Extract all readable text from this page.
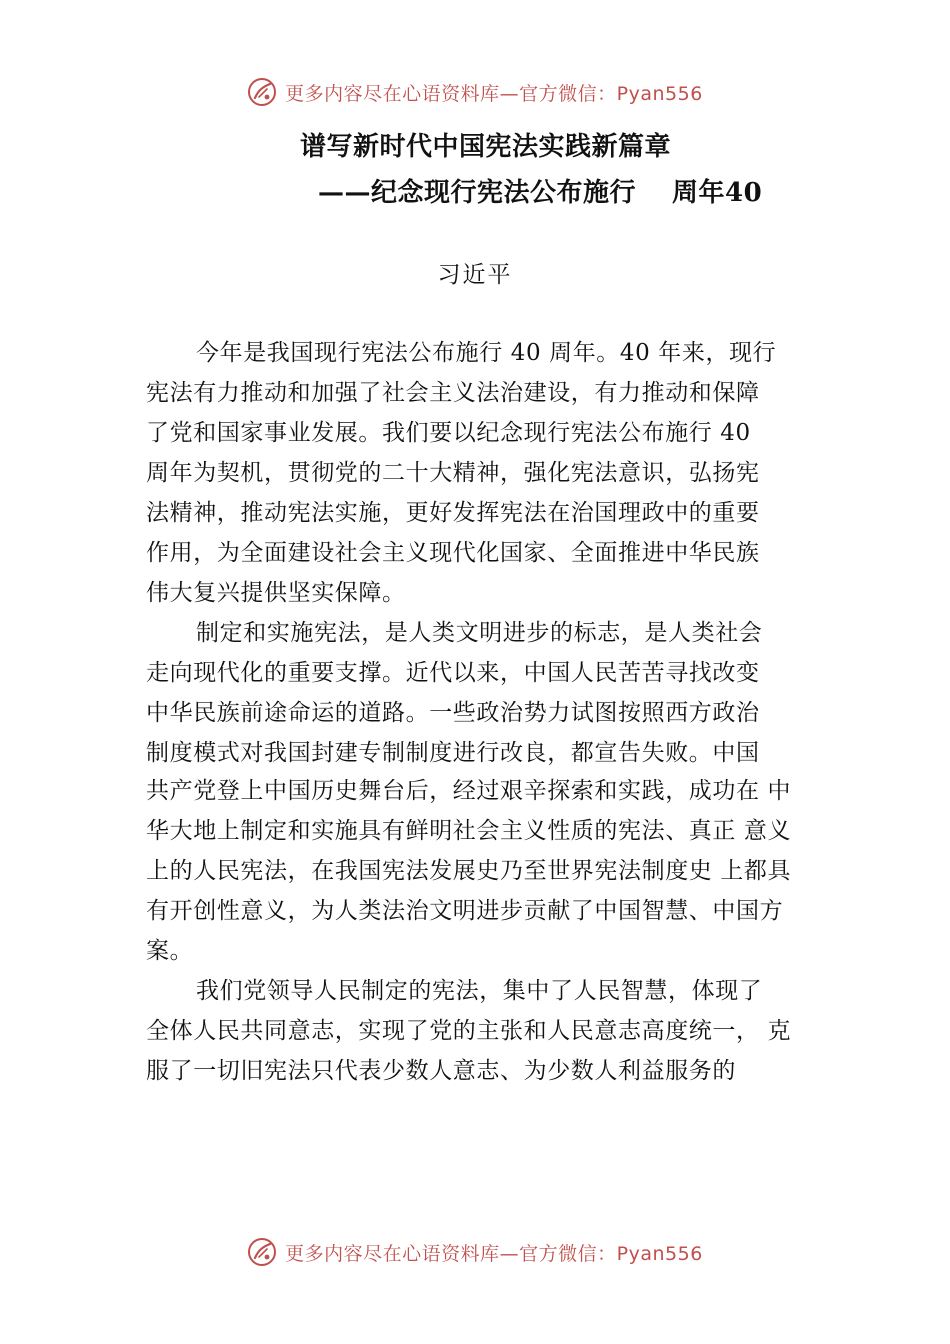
更多内容尽在心语资料库—官方微信：Pyan556
谱写新时代中国宪法实践新篇章
——纪念现行宪法公布施行　 周年40
习近平
今年是我国现行宪法公布施行 40 周年。40 年来，现行
宪法有力推动和加强了社会主义法治建设，有力推动和保障
了党和国家事业发展。我们要以纪念现行宪法公布施行 40
周年为契机，贯彻党的二十大精神，强化宪法意识，弘扬宪
法精神，推动宪法实施，更好发挥宪法在治国理政中的重要
作用，为全面建设社会主义现代化国家、全面推进中华民族
伟大复兴提供坚实保障。
制定和实施宪法，是人类文明进步的标志，是人类社会
走向现代化的重要支撑。近代以来，中国人民苦苦寻找改变
中华民族前途命运的道路。一些政治势力试图按照西方政治
制度模式对我国封建专制制度进行改良，都宣告失败。中国
共产党登上中国历史舞台后，经过艰辛探索和实践，成功在 中
华大地上制定和实施具有鲜明社会主义性质的宪法、真正 意义
上的人民宪法，在我国宪法发展史乃至世界宪法制度史 上都具
有开创性意义，为人类法治文明进步贡献了中国智慧、中国方
案。
我们党领导人民制定的宪法，集中了人民智慧，体现了
全体人民共同意志，实现了党的主张和人民意志高度统一， 克
服了一切旧宪法只代表少数人意志、为少数人利益服务的
更多内容尽在心语资料库—官方微信：Pyan556
